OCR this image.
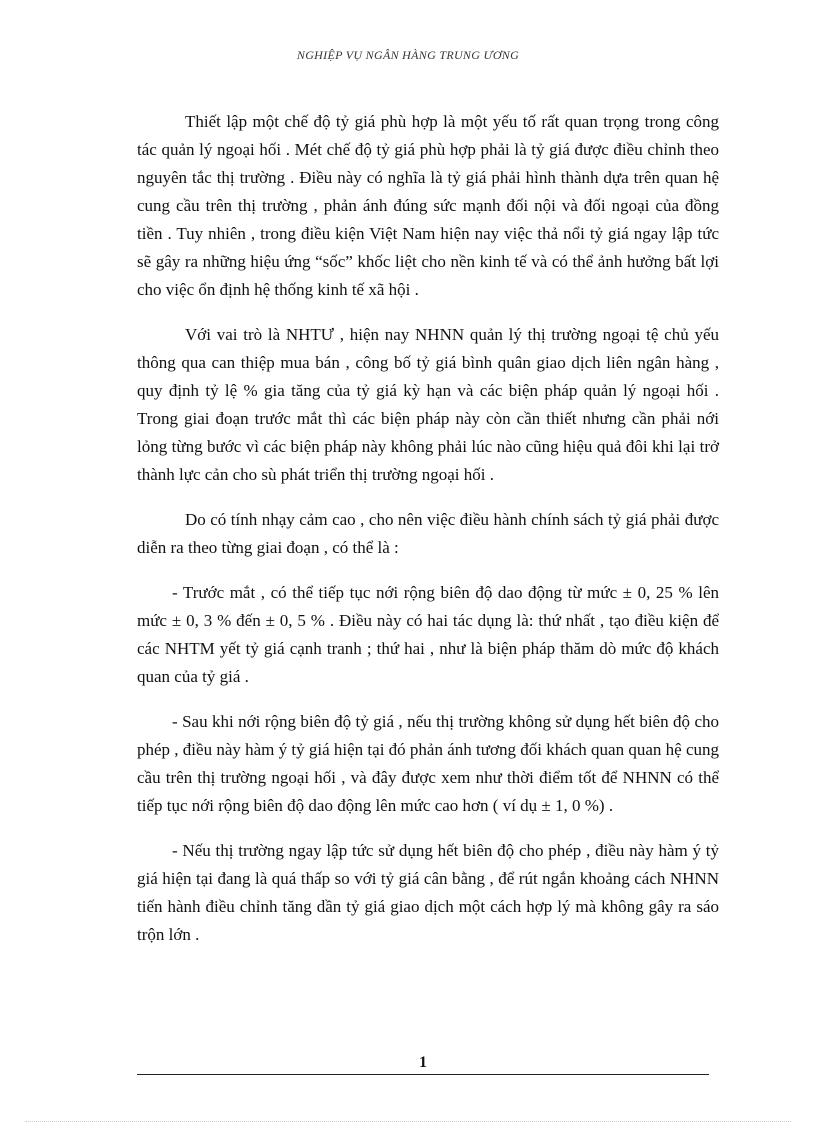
NGHIỆP VỤ NGÂN HÀNG TRUNG ƯƠNG

Thiết lập một chế độ tỷ giá phù hợp là một yếu tố rất quan trọng trong công tác quản lý ngoại hối . Mét chế độ tỷ giá phù hợp phải là tỷ giá được điều chỉnh theo nguyên tắc thị trường . Điều này có nghĩa là tỷ giá phải hình thành dựa trên quan hệ cung cầu trên thị trường , phản ánh đúng sức mạnh đối nội và đối ngoại của đồng tiền . Tuy nhiên , trong điều kiện Việt Nam hiện nay việc thả nổi tỷ giá ngay lập tức sẽ gây ra những hiệu ứng “sốc” khốc liệt cho nền kinh tế và có thể ảnh hưởng bất lợi cho việc ổn định hệ thống kinh tế xã hội .

Với vai trò là NHTƯ , hiện nay NHNN quản lý thị trường ngoại tệ chủ yếu thông qua can thiệp mua bán , công bố tỷ giá bình quân giao dịch liên ngân hàng , quy định tỷ lệ % gia tăng của tỷ giá kỳ hạn và các biện pháp quản lý ngoại hối . Trong giai đoạn trước mắt thì các biện pháp này còn cần thiết nhưng cần phải nới lỏng từng bước vì các biện pháp này không phải lúc nào cũng hiệu quả đôi khi lại trở thành lực cản cho sù phát triển thị trường ngoại hối .

Do có tính nhạy cảm cao , cho nên việc điều hành chính sách tỷ giá phải được diễn ra theo từng giai đoạn , có thể là :

- Trước mắt , có thể tiếp tục nới rộng biên độ dao động từ mức ± 0, 25 % lên mức ± 0, 3 % đến ± 0, 5 % . Điều này có hai tác dụng là: thứ nhất , tạo điều kiện để các NHTM yết tỷ giá cạnh tranh ; thứ hai , như là biện pháp thăm dò mức độ khách quan của tỷ giá .

- Sau khi nới rộng biên độ tỷ giá , nếu thị trường không sử dụng hết biên độ cho phép , điều này hàm ý tỷ giá hiện tại đó phản ánh tương đối khách quan quan hệ cung cầu trên thị trường ngoại hối , và đây được xem như thời điểm tốt để NHNN có thể tiếp tục nới rộng biên độ dao động lên mức cao hơn ( ví dụ ± 1, 0 %) .

- Nếu thị trường ngay lập tức sử dụng hết biên độ cho phép , điều này hàm ý tỷ giá hiện tại đang là quá thấp so với tỷ giá cân bằng , để rút ngắn khoảng cách NHNN tiến hành điều chỉnh tăng dần tỷ giá giao dịch một cách hợp lý mà không gây ra sáo trộn lớn .

1
